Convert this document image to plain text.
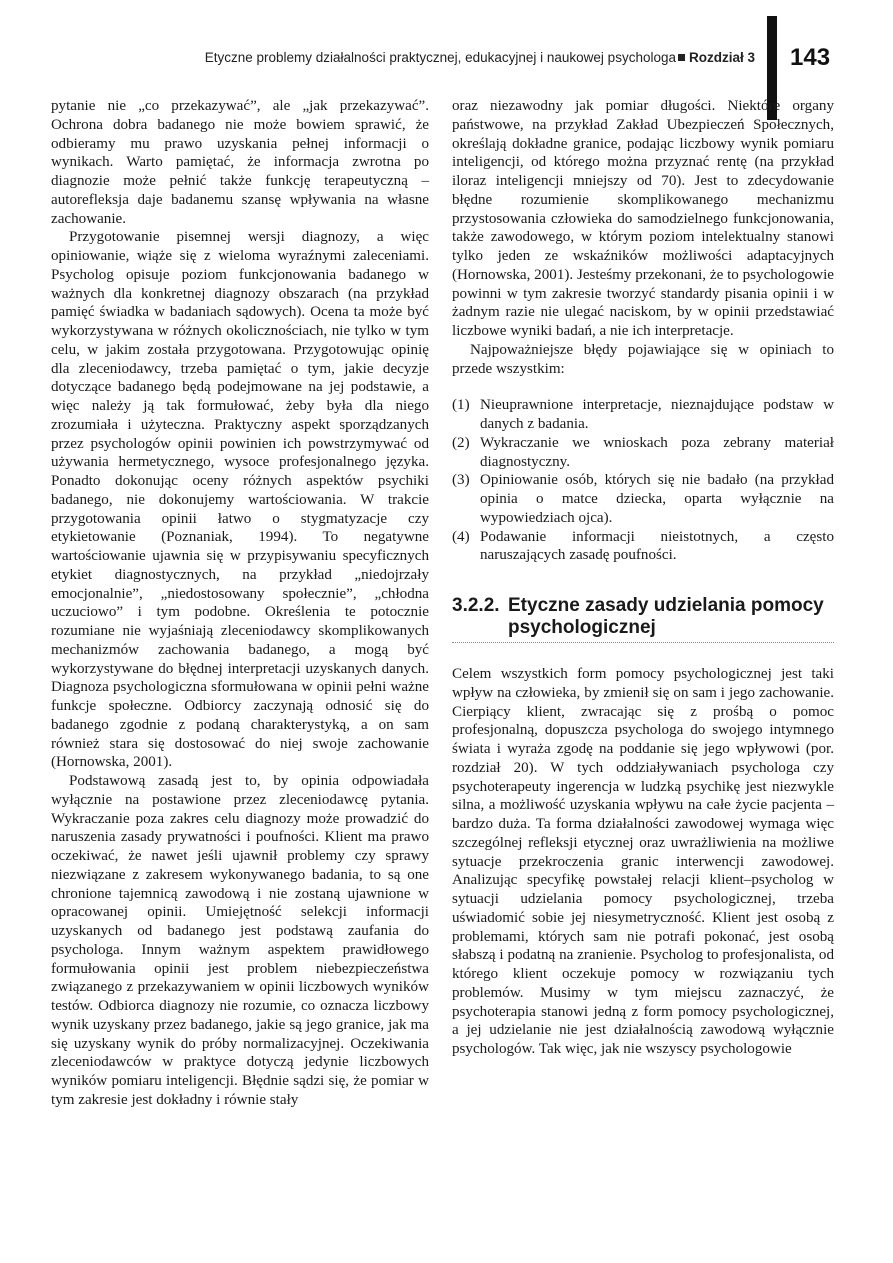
Etyczne problemy działalności praktycznej, edukacyjnej i naukowej psychologa Rozdział 3 143

pytanie nie „co przekazywać”, ale „jak przekazywać”. Ochrona dobra badanego nie może bowiem sprawić, że odbieramy mu prawo uzyskania pełnej informacji o wynikach. Warto pamiętać, że informacja zwrotna po diagnozie może pełnić także funkcję terapeutyczną – autorefleksja daje badanemu szansę wpływania na własne zachowanie.

Przygotowanie pisemnej wersji diagnozy, a więc opiniowanie, wiąże się z wieloma wyraźnymi zaleceniami. Psycholog opisuje poziom funkcjonowania badanego w ważnych dla konkretnej diagnozy obszarach (na przykład pamięć świadka w badaniach sądowych). Ocena ta może być wykorzystywana w różnych okolicznościach, nie tylko w tym celu, w jakim została przygotowana. Przygotowując opinię dla zleceniodawcy, trzeba pamiętać o tym, jakie decyzje dotyczące badanego będą podejmowane na jej podstawie, a więc należy ją tak formułować, żeby była dla niego zrozumiała i użyteczna. Praktyczny aspekt sporządzanych przez psychologów opinii powinien ich powstrzymywać od używania hermetycznego, wysoce profesjonalnego języka. Ponadto dokonując oceny różnych aspektów psychiki badanego, nie dokonujemy wartościowania. W trakcie przygotowania opinii łatwo o stygmatyzacje czy etykietowanie (Poznaniak, 1994). To negatywne wartościowanie ujawnia się w przypisywaniu specyficznych etykiet diagnostycznych, na przykład „niedojrzały emocjonalnie”, „niedostosowany społecznie”, „chłodna uczuciowo” i tym podobne. Określenia te potocznie rozumiane nie wyjaśniają zleceniodawcy skomplikowanych mechanizmów zachowania badanego, a mogą być wykorzystywane do błędnej interpretacji uzyskanych danych. Diagnoza psychologiczna sformułowana w opinii pełni ważne funkcje społeczne. Odbiorcy zaczynają odnosić się do badanego zgodnie z podaną charakterystyką, a on sam również stara się dostosować do niej swoje zachowanie (Hornowska, 2001).

Podstawową zasadą jest to, by opinia odpowiadała wyłącznie na postawione przez zleceniodawcę pytania. Wykraczanie poza zakres celu diagnozy może prowadzić do naruszenia zasady prywatności i poufności. Klient ma prawo oczekiwać, że nawet jeśli ujawnił problemy czy sprawy niezwiązane z zakresem wykonywanego badania, to są one chronione tajemnicą zawodową i nie zostaną ujawnione w opracowanej opinii. Umiejętność selekcji informacji uzyskanych od badanego jest podstawą zaufania do psychologa. Innym ważnym aspektem prawidłowego formułowania opinii jest problem niebezpieczeństwa związanego z przekazywaniem w opinii liczbowych wyników testów. Odbiorca diagnozy nie rozumie, co oznacza liczbowy wynik uzyskany przez badanego, jakie są jego granice, jak ma się uzyskany wynik do próby normalizacyjnej. Oczekiwania zleceniodawców w praktyce dotyczą jedynie liczbowych wyników pomiaru inteligencji. Błędnie sądzi się, że pomiar w tym zakresie jest dokładny i równie stały

oraz niezawodny jak pomiar długości. Niektóre organy państwowe, na przykład Zakład Ubezpieczeń Społecznych, określają dokładne granice, podając liczbowy wynik pomiaru inteligencji, od którego można przyznać rentę (na przykład iloraz inteligencji mniejszy od 70). Jest to zdecydowanie błędne rozumienie skomplikowanego mechanizmu przystosowania człowieka do samodzielnego funkcjonowania, także zawodowego, w którym poziom intelektualny stanowi tylko jeden ze wskaźników możliwości adaptacyjnych (Hornowska, 2001). Jesteśmy przekonani, że to psychologowie powinni w tym zakresie tworzyć standardy pisania opinii i w żadnym razie nie ulegać naciskom, by w opinii przedstawiać liczbowe wyniki badań, a nie ich interpretacje.

Najpoważniejsze błędy pojawiające się w opiniach to przede wszystkim:

(1) Nieuprawnione interpretacje, nieznajdujące podstaw w danych z badania.
(2) Wykraczanie we wnioskach poza zebrany materiał diagnostyczny.
(3) Opiniowanie osób, których się nie badało (na przykład opinia o matce dziecka, oparta wyłącznie na wypowiedziach ojca).
(4) Podawanie informacji nieistotnych, a często naruszających zasadę poufności.
3.2.2. Etyczne zasady udzielania pomocy psychologicznej

Celem wszystkich form pomocy psychologicznej jest taki wpływ na człowieka, by zmienił się on sam i jego zachowanie. Cierpiący klient, zwracając się z prośbą o pomoc profesjonalną, dopuszcza psychologa do swojego intymnego świata i wyraża zgodę na poddanie się jego wpływowi (por. rozdział 20). W tych oddziaływaniach psychologa czy psychoterapeuty ingerencja w ludzką psychikę jest niezwykle silna, a możliwość uzyskania wpływu na całe życie pacjenta – bardzo duża. Ta forma działalności zawodowej wymaga więc szczególnej refleksji etycznej oraz uwrażliwienia na możliwe sytuacje przekroczenia granic interwencji zawodowej. Analizując specyfikę powstałej relacji klient–psycholog w sytuacji udzielania pomocy psychologicznej, trzeba uświadomić sobie jej niesymetryczność. Klient jest osobą z problemami, których sam nie potrafi pokonać, jest osobą słabszą i podatną na zranienie. Psycholog to profesjonalista, od którego klient oczekuje pomocy w rozwiązaniu tych problemów. Musimy w tym miejscu zaznaczyć, że psychoterapia stanowi jedną z form pomocy psychologicznej, a jej udzielanie nie jest działalnością zawodową wyłącznie psychologów. Tak więc, jak nie wszyscy psychologowie
